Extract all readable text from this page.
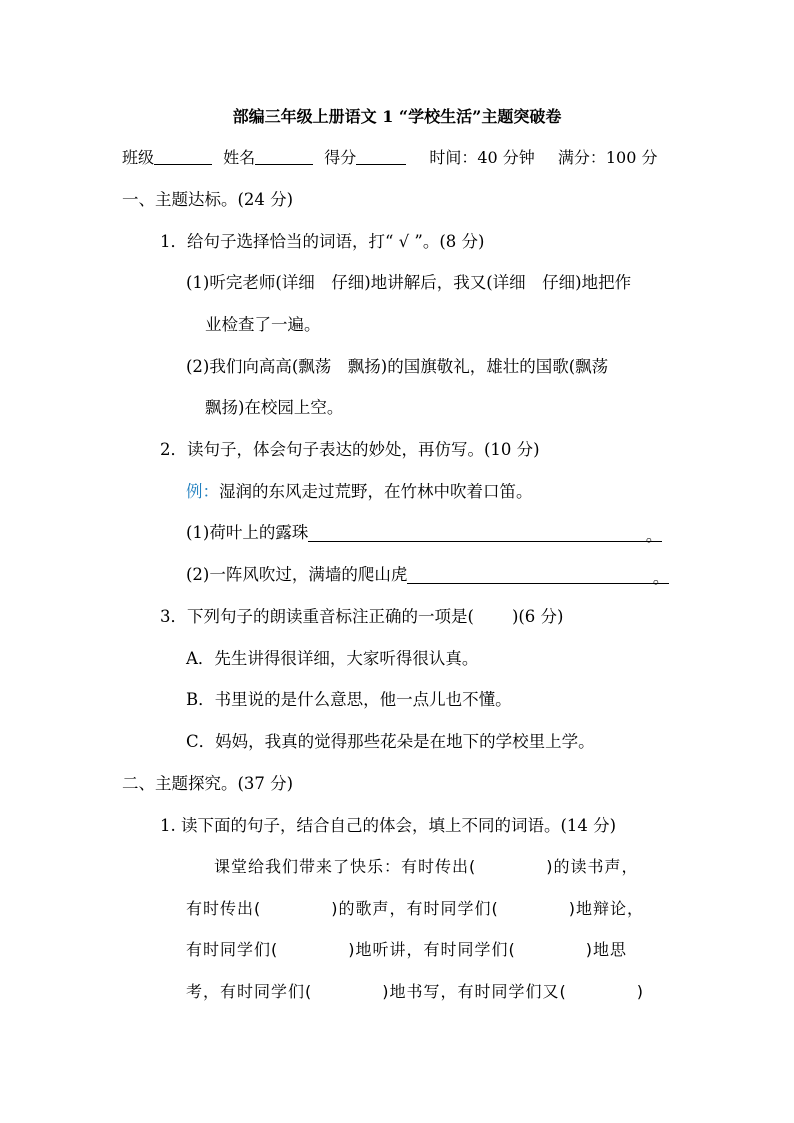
部编三年级上册语文 1 “学校生活”主题突破卷
班级	姓名	得分	时间：40 分钟 满分：100 分
一、主题达标。(24 分)
1．给句子选择恰当的词语，打“ √ ”。(8 分)
(1)听完老师(详细　仔细)地讲解后，我又(详细　仔细)地把作
业检查了一遍。
(2)我们向高高(飘荡　飘扬)的国旗敬礼，雄壮的国歌(飘荡
飘扬)在校园上空。
2．读句子，体会句子表达的妙处，再仿写。(10 分)
例：湿润的东风走过荒野，在竹林中吹着口笛。
(1)荷叶上的露珠	。
(2)一阵风吹过，满墙的爬山虎	。
3．下列句子的朗读重音标注正确的一项是( )(6 分)
A．先生讲得很详细，大家听得很认真。
B．书里说的是什么意思，他一点儿也不懂。
C．妈妈，我真的觉得那些花朵是在地下的学校里上学。
二、主题探究。(37 分)
1. 读下面的句子，结合自己的体会，填上不同的词语。(14 分)
课堂给我们带来了快乐：有时传出(	)的读书声，
有时传出(	)的歌声，有时同学们(	)地辩论，
有时同学们(	)地听讲，有时同学们(	)地思
考，有时同学们(	)地书写，有时同学们又(	)
